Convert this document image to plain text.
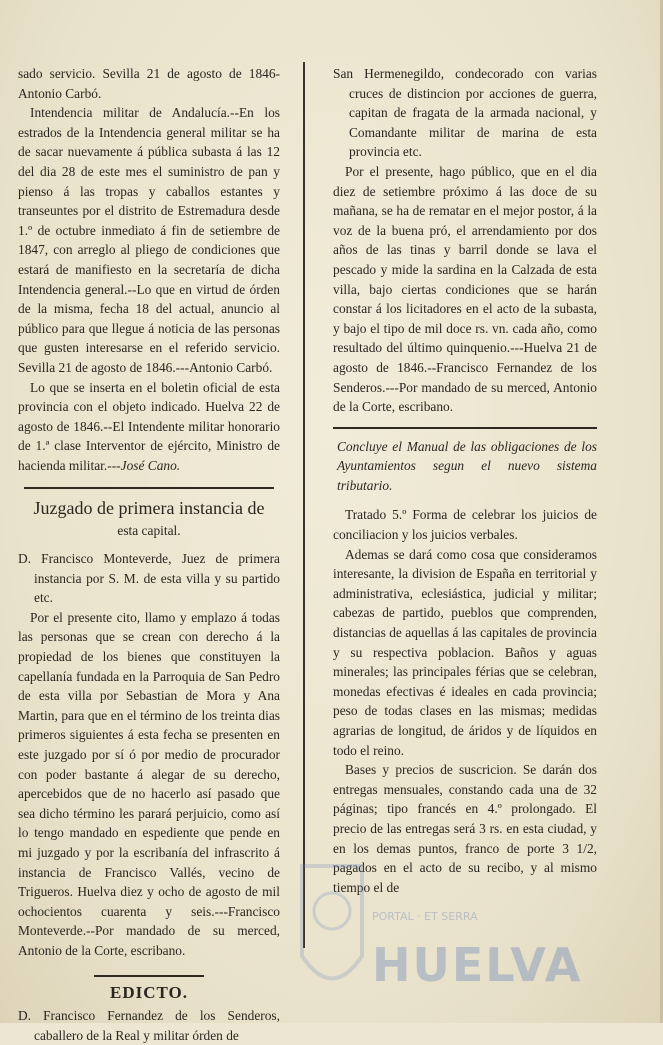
sado servicio. Sevilla 21 de agosto de 1846-Antonio Carbó.

Intendencia militar de Andalucía.--En los estrados de la Intendencia general militar se ha de sacar nuevamente á pública subasta á las 12 del dia 28 de este mes el suministro de pan y pienso á las tropas y caballos estantes y transeuntes por el distrito de Estremadura desde 1.º de octubre inmediato á fin de setiembre de 1847, con arreglo al pliego de condiciones que estará de manifiesto en la secretaría de dicha Intendencia general.--Lo que en virtud de órden de la misma, fecha 18 del actual, anuncio al público para que llegue á noticia de las personas que gusten interesarse en el referido servicio. Sevilla 21 de agosto de 1846.---Antonio Carbó.

Lo que se inserta en el boletin oficial de esta provincia con el objeto indicado. Huelva 22 de agosto de 1846.--El Intendente militar honorario de 1.ª clase Interventor de ejército, Ministro de hacienda militar.---José Cano.

Juzgado de primera instancia de
esta capital.

D. Francisco Monteverde, Juez de primera instancia por S. M. de esta villa y su partido etc.

Por el presente cito, llamo y emplazo á todas las personas que se crean con derecho á la propiedad de los bienes que constituyen la capellanía fundada en la Parroquia de San Pedro de esta villa por Sebastian de Mora y Ana Martin, para que en el término de los treinta dias primeros siguientes á esta fecha se presenten en este juzgado por sí ó por medio de procurador con poder bastante á alegar de su derecho, apercebidos que de no hacerlo así pasado que sea dicho término les parará perjuicio, como así lo tengo mandado en espediente que pende en mi juzgado y por la escribanía del infrascrito á instancia de Francisco Vallés, vecino de Trigueros. Huelva diez y ocho de agosto de mil ochocientos cuarenta y seis.---Francisco Monteverde.--Por mandado de su merced, Antonio de la Corte, escribano.

EDICTO.

D. Francisco Fernandez de los Senderos, caballero de la Real y militar órden de

San Hermenegildo, condecorado con varias cruces de distincion por acciones de guerra, capitan de fragata de la armada nacional, y Comandante militar de marina de esta provincia etc.

Por el presente, hago público, que en el dia diez de setiembre próximo á las doce de su mañana, se ha de rematar en el mejor postor, á la voz de la buena pró, el arrendamiento por dos años de las tinas y barril donde se lava el pescado y mide la sardina en la Calzada de esta villa, bajo ciertas condiciones que se harán constar á los licitadores en el acto de la subasta, y bajo el tipo de mil doce rs. vn. cada año, como resultado del último quinquenio.---Huelva 21 de agosto de 1846.--Francisco Fernandez de los Senderos.---Por mandado de su merced, Antonio de la Corte, escribano.

Concluye el Manual de las obligaciones de los Ayuntamientos segun el nuevo sistema tributario.

Tratado 5.º Forma de celebrar los juicios de conciliacion y los juicios verbales.

Ademas se dará como cosa que consideramos interesante, la division de España en territorial y administrativa, eclesiástica, judicial y militar; cabezas de partido, pueblos que comprenden, distancias de aquellas á las capitales de provincia y su respectiva poblacion. Baños y aguas minerales; las principales férias que se celebran, monedas efectivas é ideales en cada provincia; peso de todas clases en las mismas; medidas agrarias de longitud, de áridos y de líquidos en todo el reino.

Bases y precios de suscricion. Se darán dos entregas mensuales, constando cada una de 32 páginas; tipo francés en 4.º prolongado. El precio de las entregas será 3 rs. en esta ciudad, y en los demas puntos, franco de porte 3 1/2, pagados en el acto de su recibo, y al mismo tiempo el de

PORTAL · ET SERRA
HUELVA
